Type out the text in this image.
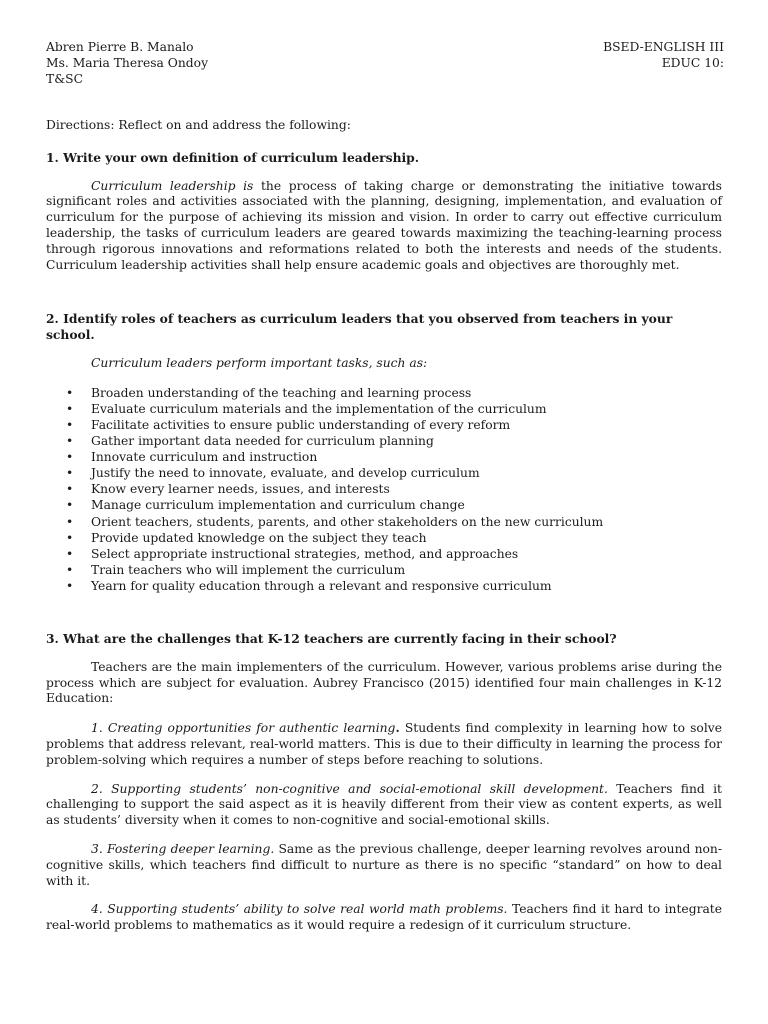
Abren Pierre B. Manalo	BSED-ENGLISH III
Ms. Maria Theresa Ondoy	EDUC 10:
T&SC

Directions: Reflect on and address the following:

1. Write your own definition of curriculum leadership.

Curriculum leadership is the process of taking charge or demonstrating the initiative towards significant roles and activities associated with the planning, designing, implementation, and evaluation of curriculum for the purpose of achieving its mission and vision. In order to carry out effective curriculum leadership, the tasks of curriculum leaders are geared towards maximizing the teaching-learning process through rigorous innovations and reformations related to both the interests and needs of the students. Curriculum leadership activities shall help ensure academic goals and objectives are thoroughly met.

2. Identify roles of teachers as curriculum leaders that you observed from teachers in your school.

Curriculum leaders perform important tasks, such as:

• Broaden understanding of the teaching and learning process
• Evaluate curriculum materials and the implementation of the curriculum
• Facilitate activities to ensure public understanding of every reform
• Gather important data needed for curriculum planning
• Innovate curriculum and instruction
• Justify the need to innovate, evaluate, and develop curriculum
• Know every learner needs, issues, and interests
• Manage curriculum implementation and curriculum change
• Orient teachers, students, parents, and other stakeholders on the new curriculum
• Provide updated knowledge on the subject they teach
• Select appropriate instructional strategies, method, and approaches
• Train teachers who will implement the curriculum
• Yearn for quality education through a relevant and responsive curriculum

3. What are the challenges that K-12 teachers are currently facing in their school?

Teachers are the main implementers of the curriculum. However, various problems arise during the process which are subject for evaluation. Aubrey Francisco (2015) identified four main challenges in K-12 Education:

1. Creating opportunities for authentic learning. Students find complexity in learning how to solve problems that address relevant, real-world matters. This is due to their difficulty in learning the process for problem-solving which requires a number of steps before reaching to solutions.

2. Supporting students’ non-cognitive and social-emotional skill development. Teachers find it challenging to support the said aspect as it is heavily different from their view as content experts, as well as students’ diversity when it comes to non-cognitive and social-emotional skills.

3. Fostering deeper learning. Same as the previous challenge, deeper learning revolves around non-cognitive skills, which teachers find difficult to nurture as there is no specific “standard” on how to deal with it.

4. Supporting students’ ability to solve real world math problems. Teachers find it hard to integrate real-world problems to mathematics as it would require a redesign of it curriculum structure.
